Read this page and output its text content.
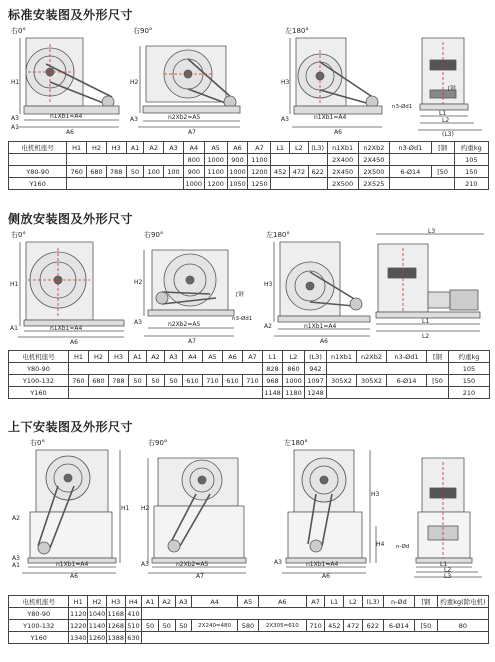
标准安装图及外形尺寸
右0°
H1
A3
A1
n1Xb1=A4
A6
右90°
H2
A3	n2Xb2=A5
A7
左180°
H3
A3	n1Xb1=A4
A6
[钢
n3-Ød1
L1
L2
(L3)
电机机座号	H1	H2	H3	A1	A2	A3	A4	A5	A6	A7	L1	L2	(L3)	n1Xb1	n2Xb2	n3-Ød1	[钢	约重kg
							800	1000	900	1100				2X400	2X450			105
Y80-90	760	680	788	50	100	100	900	1100	1000	1200	452	472	622	2X450	2X500	6-Ø14	[50	150
Y160							1000	1200	1050	1250				2X500	2X525			210
侧放安装图及外形尺寸
右0°
H1
A1	n1Xb1=A4
A6
右90°
H2
[钢
n3-Ød1
A3	n2Xb2=A5
A7
左180°
H3
A2	n1Xb1=A4
A6
L3
L1
L2
电机机座号	H1	H2	H3	A1	A2	A3	A4	A5	A6	A7	L1	L2	(L3)	n1Xb1	n2Xb2	n3-Ød1	[钢	约重kg
Y80-90											828	860	942					105
Y100-132	760	680	788	50	50	50	610	710	610	710	968	1000	1097	305X2	305X2	6-Ø14	[50	150
Y160											1148	1180	1248					210
上下安装图及外形尺寸
右0°
H1
A2
A3
A1	n1Xb1=A4
A6
右90°
H2
A3	n2Xb2=A5
A7
左180°
H3
H4
A3	n1Xb1=A4
A6
n-Ød
L1
L2
L3
电机机座号	H1	H2	H3	H4	A1	A2	A3	A4	A5	A6	A7	L1	L2	(L3)	n-Ød	[钢	约重kg(除电机)
Y80-90	1120	1040	1168	410													
Y100-132	1220	1140	1268	510	50	50	50	2X240=480	580	2X305=610	710	452	472	622	6-Ø14	[50	80
Y160	1340	1260	1388	630													
